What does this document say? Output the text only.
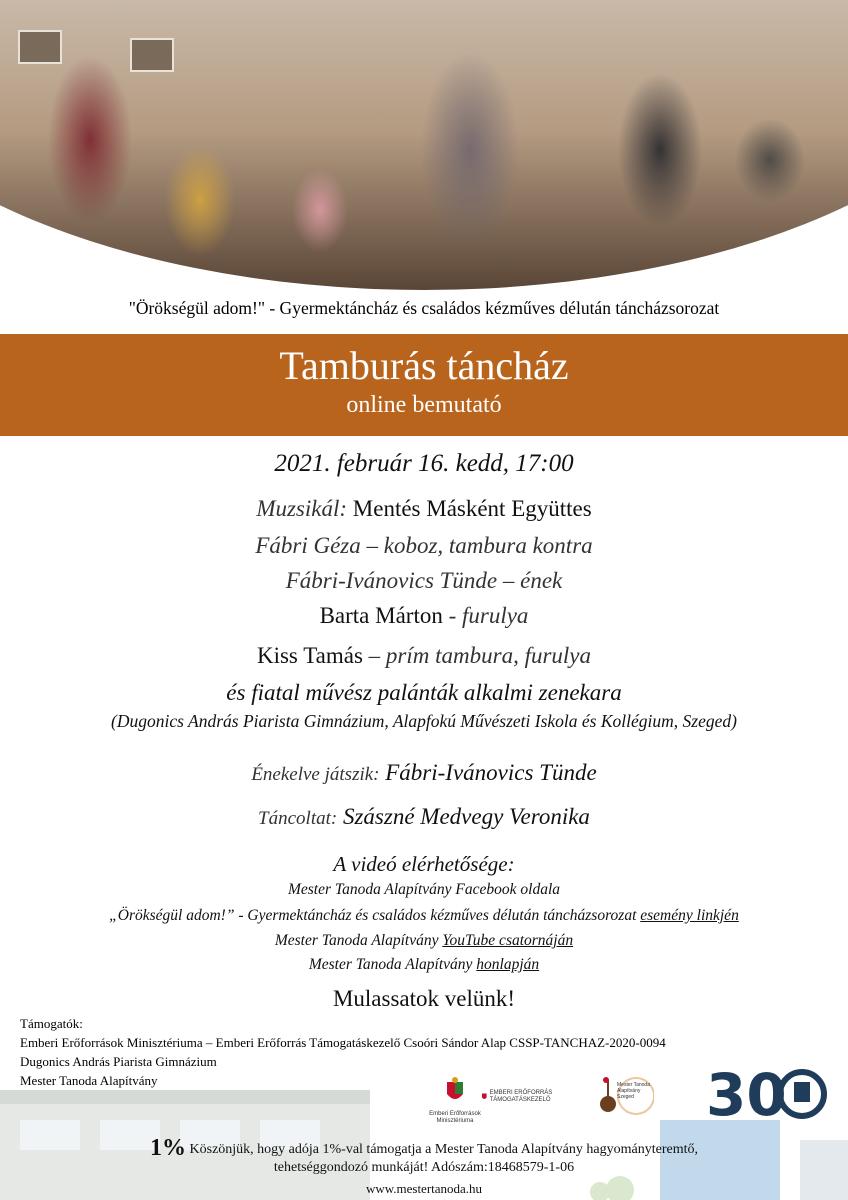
"Örökségül adom!" - Gyermektáncház és családos kézműves délután táncházsorozat
Tamburás táncház
online bemutató
2021. február 16. kedd, 17:00
Muzsikál: Mentés Másként Együttes
Fábri Géza – koboz, tambura kontra
Fábri-Ivánovics Tünde – ének
Barta Márton - furulya
Kiss Tamás – prím tambura, furulya
és fiatal művész palánták alkalmi zenekara
(Dugonics András Piarista Gimnázium, Alapfokú Művészeti Iskola és Kollégium, Szeged)
Énekelve játszik: Fábri-Ivánovics Tünde
Táncoltat: Szászné Medvegy Veronika
A videó elérhetősége:
Mester Tanoda Alapítvány Facebook oldala
„Örökségül adom!” - Gyermektáncház és családos kézműves délután táncházsorozat esemény linkjén
Mester Tanoda Alapítvány YouTube csatornáján
Mester Tanoda Alapítvány honlapján
Mulassatok velünk!
Támogatók:
Emberi Erőforrások Minisztériuma – Emberi Erőforrás Támogatáskezelő Csoóri Sándor Alap CSSP-TANCHAZ-2020-0094
Dugonics András Piarista Gimnázium
Mester Tanoda Alapítvány
Emberi Erőforrások Minisztériuma
EMBERI ERŐFORRÁS TÁMOGATÁSKEZELŐ
Mester Tanoda Alapítvány Szeged	30
1% Köszönjük, hogy adója 1%-val támogatja a Mester Tanoda Alapítvány hagyományteremtő,
tehetséggondozó munkáját! Adószám:18468579-1-06
www.mestertanoda.hu
